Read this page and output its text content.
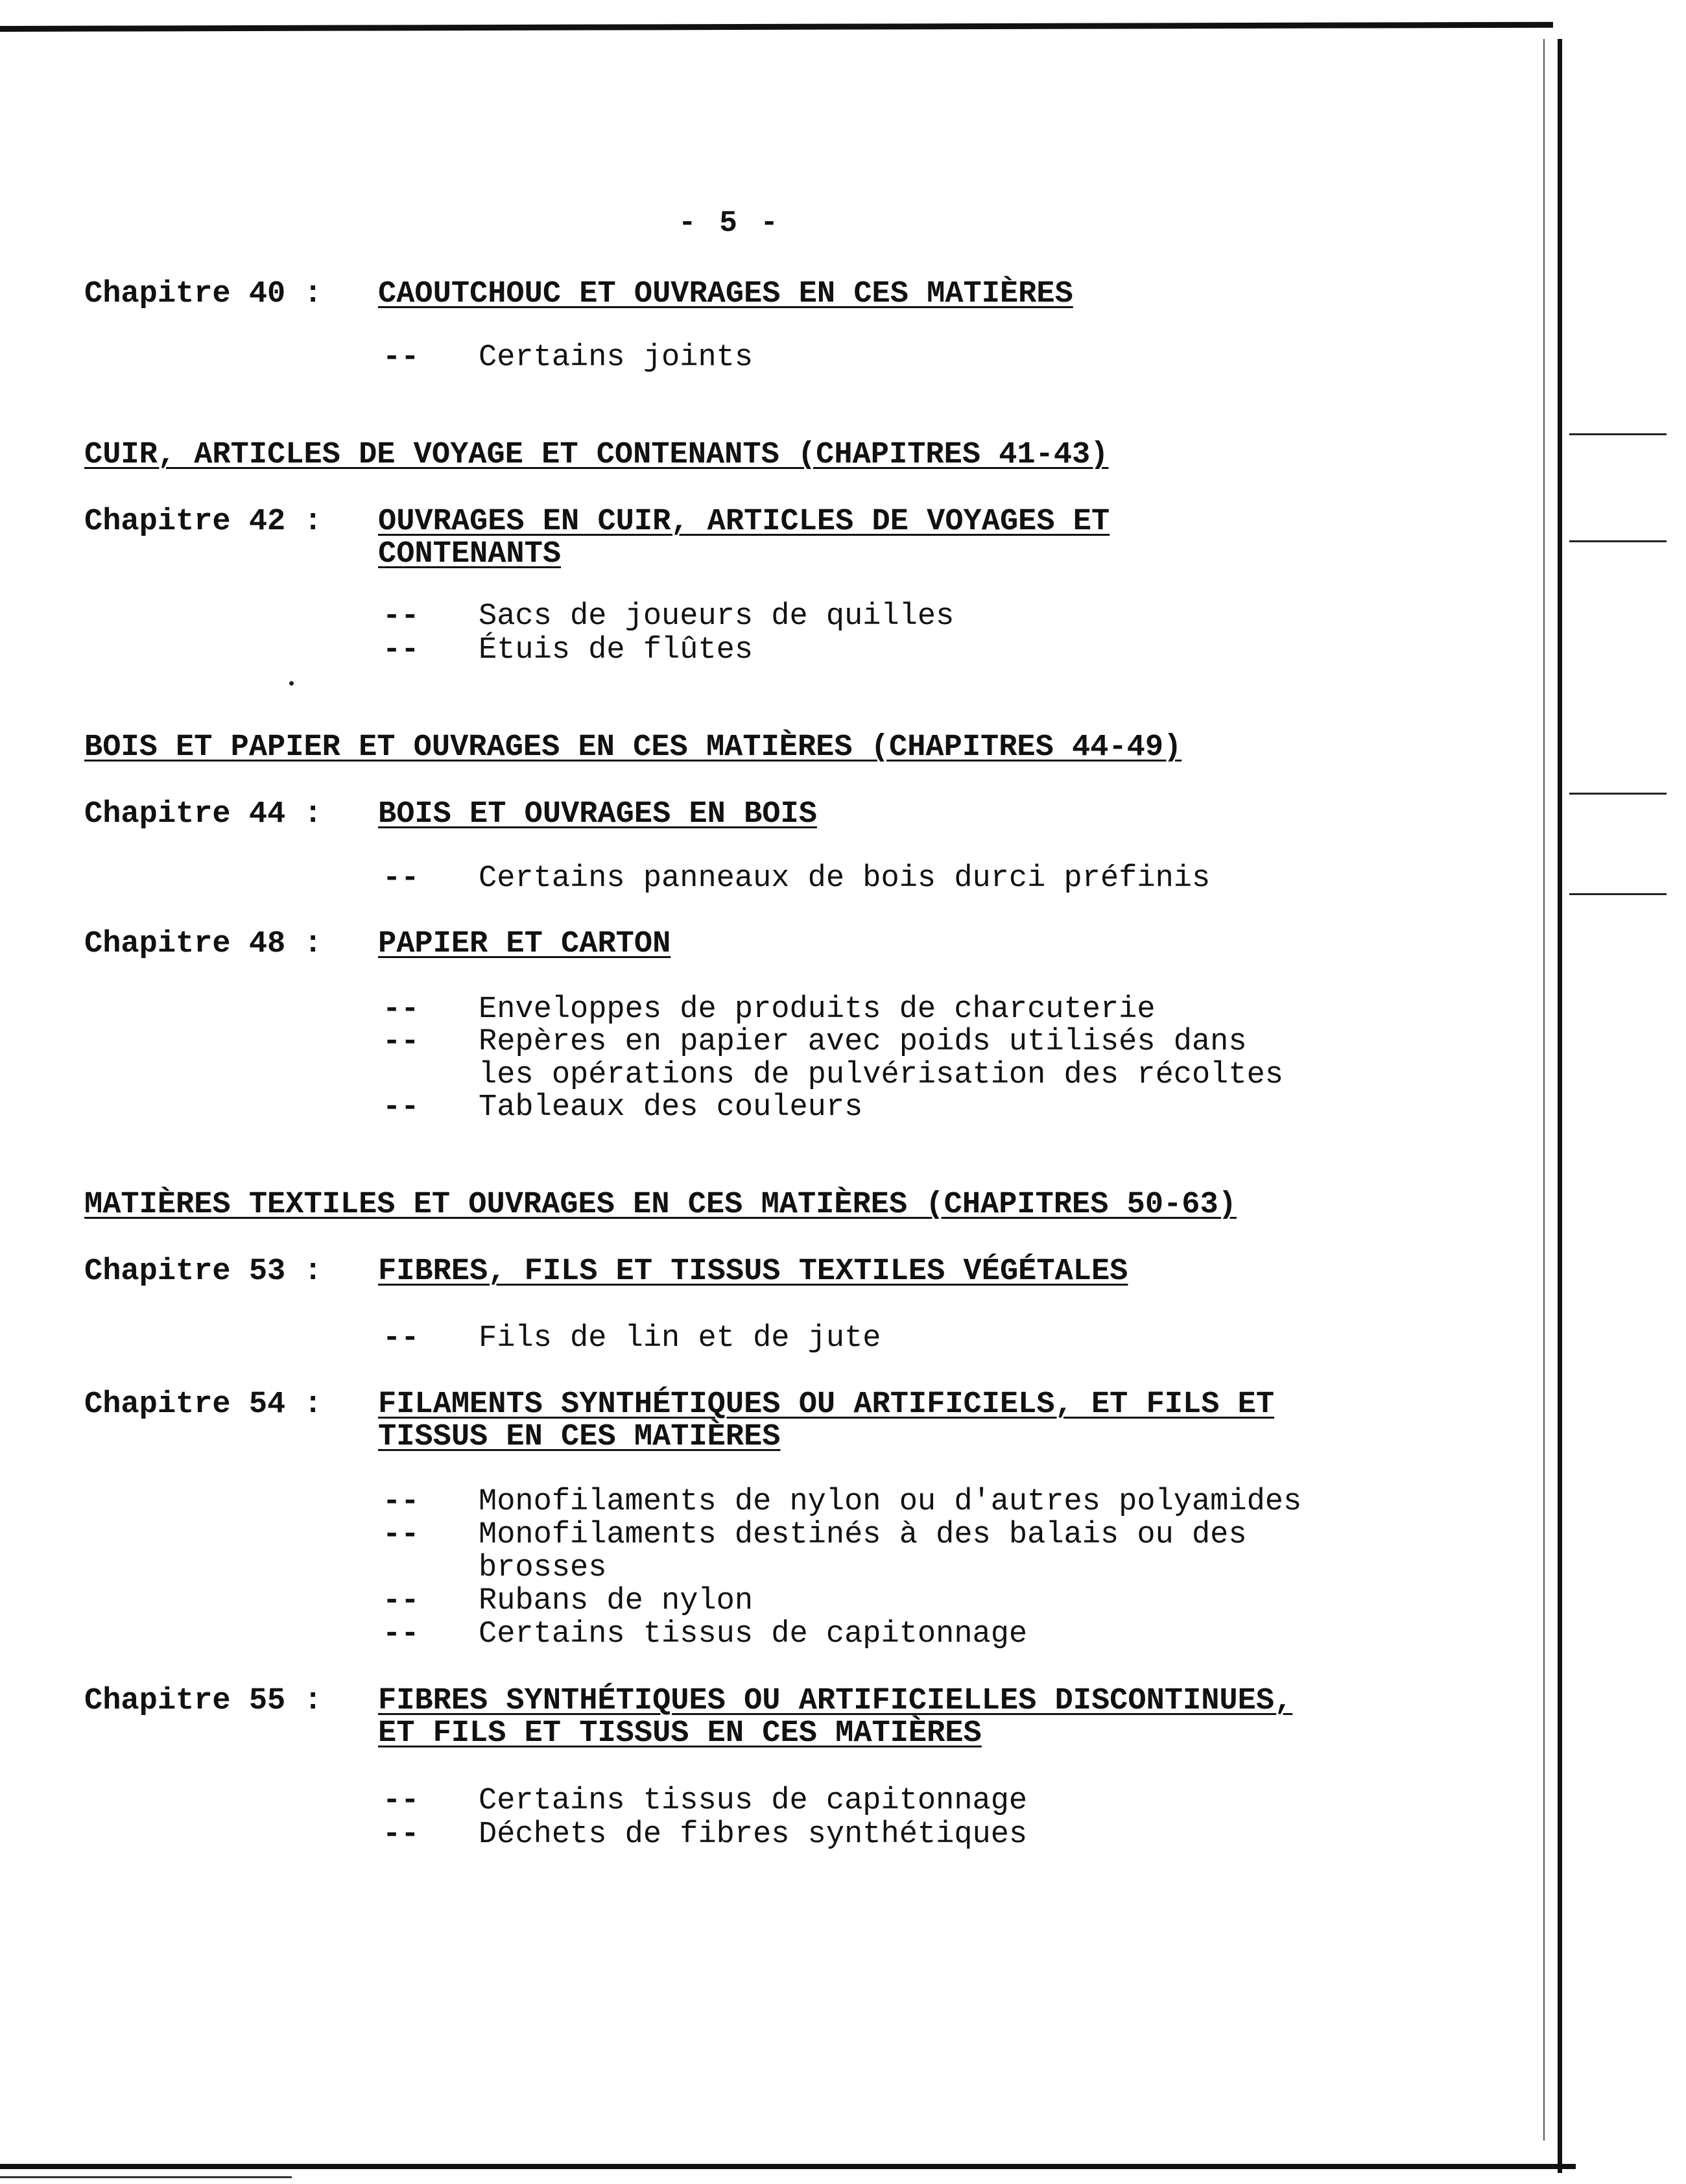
- 5 -
Chapitre 40 : CAOUTCHOUC ET OUVRAGES EN CES MATIÈRES
-- Certains joints
CUIR, ARTICLES DE VOYAGE ET CONTENANTS (CHAPITRES 41-43)
Chapitre 42 : OUVRAGES EN CUIR, ARTICLES DE VOYAGES ET
CONTENANTS
-- Sacs de joueurs de quilles
-- Étuis de flûtes
BOIS ET PAPIER ET OUVRAGES EN CES MATIÈRES (CHAPITRES 44-49)
Chapitre 44 : BOIS ET OUVRAGES EN BOIS
-- Certains panneaux de bois durci préfinis
Chapitre 48 : PAPIER ET CARTON
-- Enveloppes de produits de charcuterie
-- Repères en papier avec poids utilisés dans
les opérations de pulvérisation des récoltes
-- Tableaux des couleurs
MATIÈRES TEXTILES ET OUVRAGES EN CES MATIÈRES (CHAPITRES 50-63)
Chapitre 53 : FIBRES, FILS ET TISSUS TEXTILES VÉGÉTALES
-- Fils de lin et de jute
Chapitre 54 : FILAMENTS SYNTHÉTIQUES OU ARTIFICIELS, ET FILS ET
TISSUS EN CES MATIÈRES
-- Monofilaments de nylon ou d'autres polyamides
-- Monofilaments destinés à des balais ou des
brosses
-- Rubans de nylon
-- Certains tissus de capitonnage
Chapitre 55 : FIBRES SYNTHÉTIQUES OU ARTIFICIELLES DISCONTINUES,
ET FILS ET TISSUS EN CES MATIÈRES
-- Certains tissus de capitonnage
-- Déchets de fibres synthétiques
